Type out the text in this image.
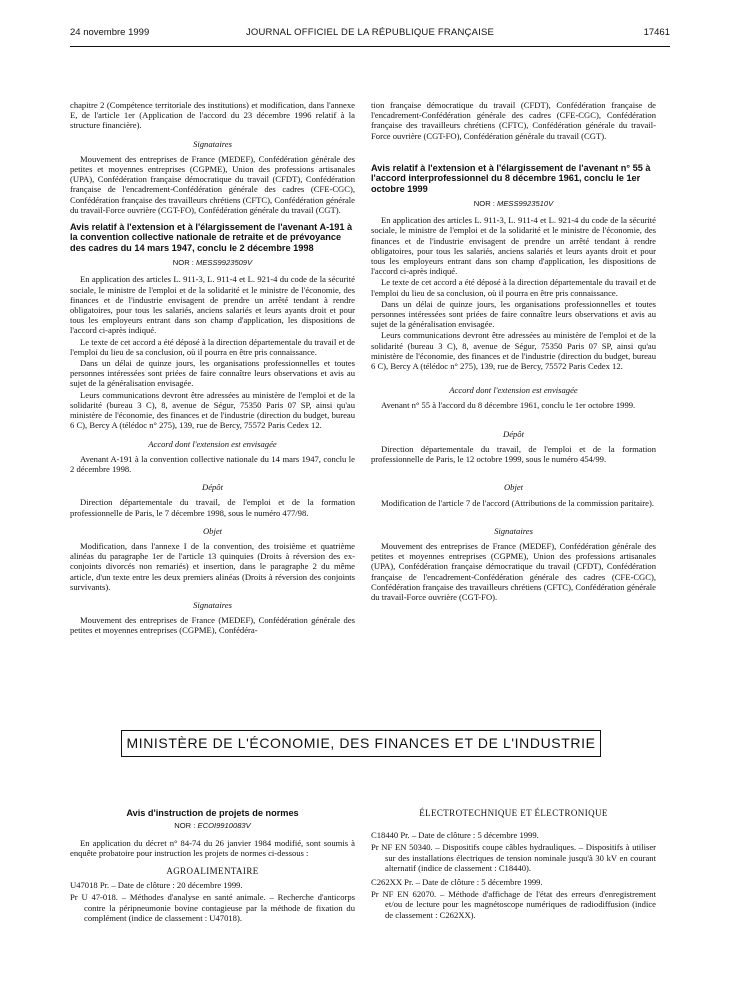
24 novembre 1999	JOURNAL OFFICIEL DE LA RÉPUBLIQUE FRANÇAISE	17461

chapitre 2 (Compétence territoriale des institutions) et modification, dans l'annexe E, de l'article 1er (Application de l'accord du 23 décembre 1996 relatif à la structure financière).

Signataires

Mouvement des entreprises de France (MEDEF), Confédération générale des petites et moyennes entreprises (CGPME), Union des professions artisanales (UPA), Confédération française démocratique du travail (CFDT), Confédération française de l'encadrement-Confédération générale des cadres (CFE-CGC), Confédération française des travailleurs chrétiens (CFTC), Confédération générale du travail-Force ouvrière (CGT-FO), Confédération générale du travail (CGT).

Avis relatif à l'extension et à l'élargissement de l'avenant A-191 à la convention collective nationale de retraite et de prévoyance des cadres du 14 mars 1947, conclu le 2 décembre 1998
NOR : MESS9923509V

En application des articles L. 911-3, L. 911-4 et L. 921-4 du code de la sécurité sociale, le ministre de l'emploi et de la solidarité et le ministre de l'économie, des finances et de l'industrie envisagent de prendre un arrêté tendant à rendre obligatoires, pour tous les salariés, anciens salariés et leurs ayants droit et pour tous les employeurs entrant dans son champ d'application, les dispositions de l'accord ci-après indiqué.

Le texte de cet accord a été déposé à la direction départementale du travail et de l'emploi du lieu de sa conclusion, où il pourra en être pris connaissance.

Dans un délai de quinze jours, les organisations professionnelles et toutes personnes intéressées sont priées de faire connaître leurs observations et avis au sujet de la généralisation envisagée.

Leurs communications devront être adressées au ministère de l'emploi et de la solidarité (bureau 3 C), 8, avenue de Ségur, 75350 Paris 07 SP, ainsi qu'au ministère de l'économie, des finances et de l'industrie (direction du budget, bureau 6 C), Bercy A (télédoc n° 275), 139, rue de Bercy, 75572 Paris Cedex 12.

Accord dont l'extension est envisagée

Avenant A-191 à la convention collective nationale du 14 mars 1947, conclu le 2 décembre 1998.

Dépôt

Direction départementale du travail, de l'emploi et de la formation professionnelle de Paris, le 7 décembre 1998, sous le numéro 477/98.

Objet

Modification, dans l'annexe I de la convention, des troisième et quatrième alinéas du paragraphe 1er de l'article 13 quinquies (Droits à réversion des ex-conjoints divorcés non remariés) et insertion, dans le paragraphe 2 du même article, d'un texte entre les deux premiers alinéas (Droits à réversion des conjoints survivants).

Signataires

Mouvement des entreprises de France (MEDEF), Confédération générale des petites et moyennes entreprises (CGPME), Confédéra-

tion française démocratique du travail (CFDT), Confédération française de l'encadrement-Confédération générale des cadres (CFE-CGC), Confédération française des travailleurs chrétiens (CFTC), Confédération générale du travail-Force ouvrière (CGT-FO), Confédération générale du travail (CGT).

Avis relatif à l'extension et à l'élargissement de l'avenant n° 55 à l'accord interprofessionnel du 8 décembre 1961, conclu le 1er octobre 1999
NOR : MESS9923510V

En application des articles L. 911-3, L. 911-4 et L. 921-4 du code de la sécurité sociale, le ministre de l'emploi et de la solidarité et le ministre de l'économie, des finances et de l'industrie envisagent de prendre un arrêté tendant à rendre obligatoires, pour tous les salariés, anciens salariés et leurs ayants droit et pour tous les employeurs entrant dans son champ d'application, les dispositions de l'accord ci-après indiqué.

Le texte de cet accord a été déposé à la direction départementale du travail et de l'emploi du lieu de sa conclusion, où il pourra en être pris connaissance.

Dans un délai de quinze jours, les organisations professionnelles et toutes personnes intéressées sont priées de faire connaître leurs observations et avis au sujet de la généralisation envisagée.

Leurs communications devront être adressées au ministère de l'emploi et de la solidarité (bureau 3 C), 8, avenue de Ségur, 75350 Paris 07 SP, ainsi qu'au ministère de l'économie, des finances et de l'industrie (direction du budget, bureau 6 C), Bercy A (télédoc n° 275), 139, rue de Bercy, 75572 Paris Cedex 12.

Accord dont l'extension est envisagée

Avenant n° 55 à l'accord du 8 décembre 1961, conclu le 1er octobre 1999.

Dépôt

Direction départementale du travail, de l'emploi et de la formation professionnelle de Paris, le 12 octobre 1999, sous le numéro 454/99.

Objet

Modification de l'article 7 de l'accord (Attributions de la commission paritaire).

Signataires

Mouvement des entreprises de France (MEDEF), Confédération générale des petites et moyennes entreprises (CGPME), Union des professions artisanales (UPA), Confédération française démocratique du travail (CFDT), Confédération française de l'encadrement-Confédération générale des cadres (CFE-CGC), Confédération française des travailleurs chrétiens (CFTC), Confédération générale du travail-Force ouvrière (CGT-FO).

MINISTÈRE DE L'ÉCONOMIE, DES FINANCES ET DE L'INDUSTRIE
Avis d'instruction de projets de normes
NOR : ECOI9910083V

En application du décret n° 84-74 du 26 janvier 1984 modifié, sont soumis à enquête probatoire pour instruction les projets de normes ci-dessous :

AGROALIMENTAIRE

U47018 Pr. – Date de clôture : 20 décembre 1999.

Pr U 47-018. – Méthodes d'analyse en santé animale. – Recherche d'anticorps contre la péripneumonie bovine contagieuse par la méthode de fixation du complément (indice de classement : U47018).

ÉLECTROTECHNIQUE ET ÉLECTRONIQUE

C18440 Pr. – Date de clôture : 5 décembre 1999.

Pr NF EN 50340. – Dispositifs coupe câbles hydrauliques. – Dispositifs à utiliser sur des installations électriques de tension nominale jusqu'à 30 kV en courant alternatif (indice de classement : C18440).

C262XX Pr. – Date de clôture : 5 décembre 1999.

Pr NF EN 62070. – Méthode d'affichage de l'état des erreurs d'enregistrement et/ou de lecture pour les magnétoscope numériques de radiodiffusion (indice de classement : C262XX).
